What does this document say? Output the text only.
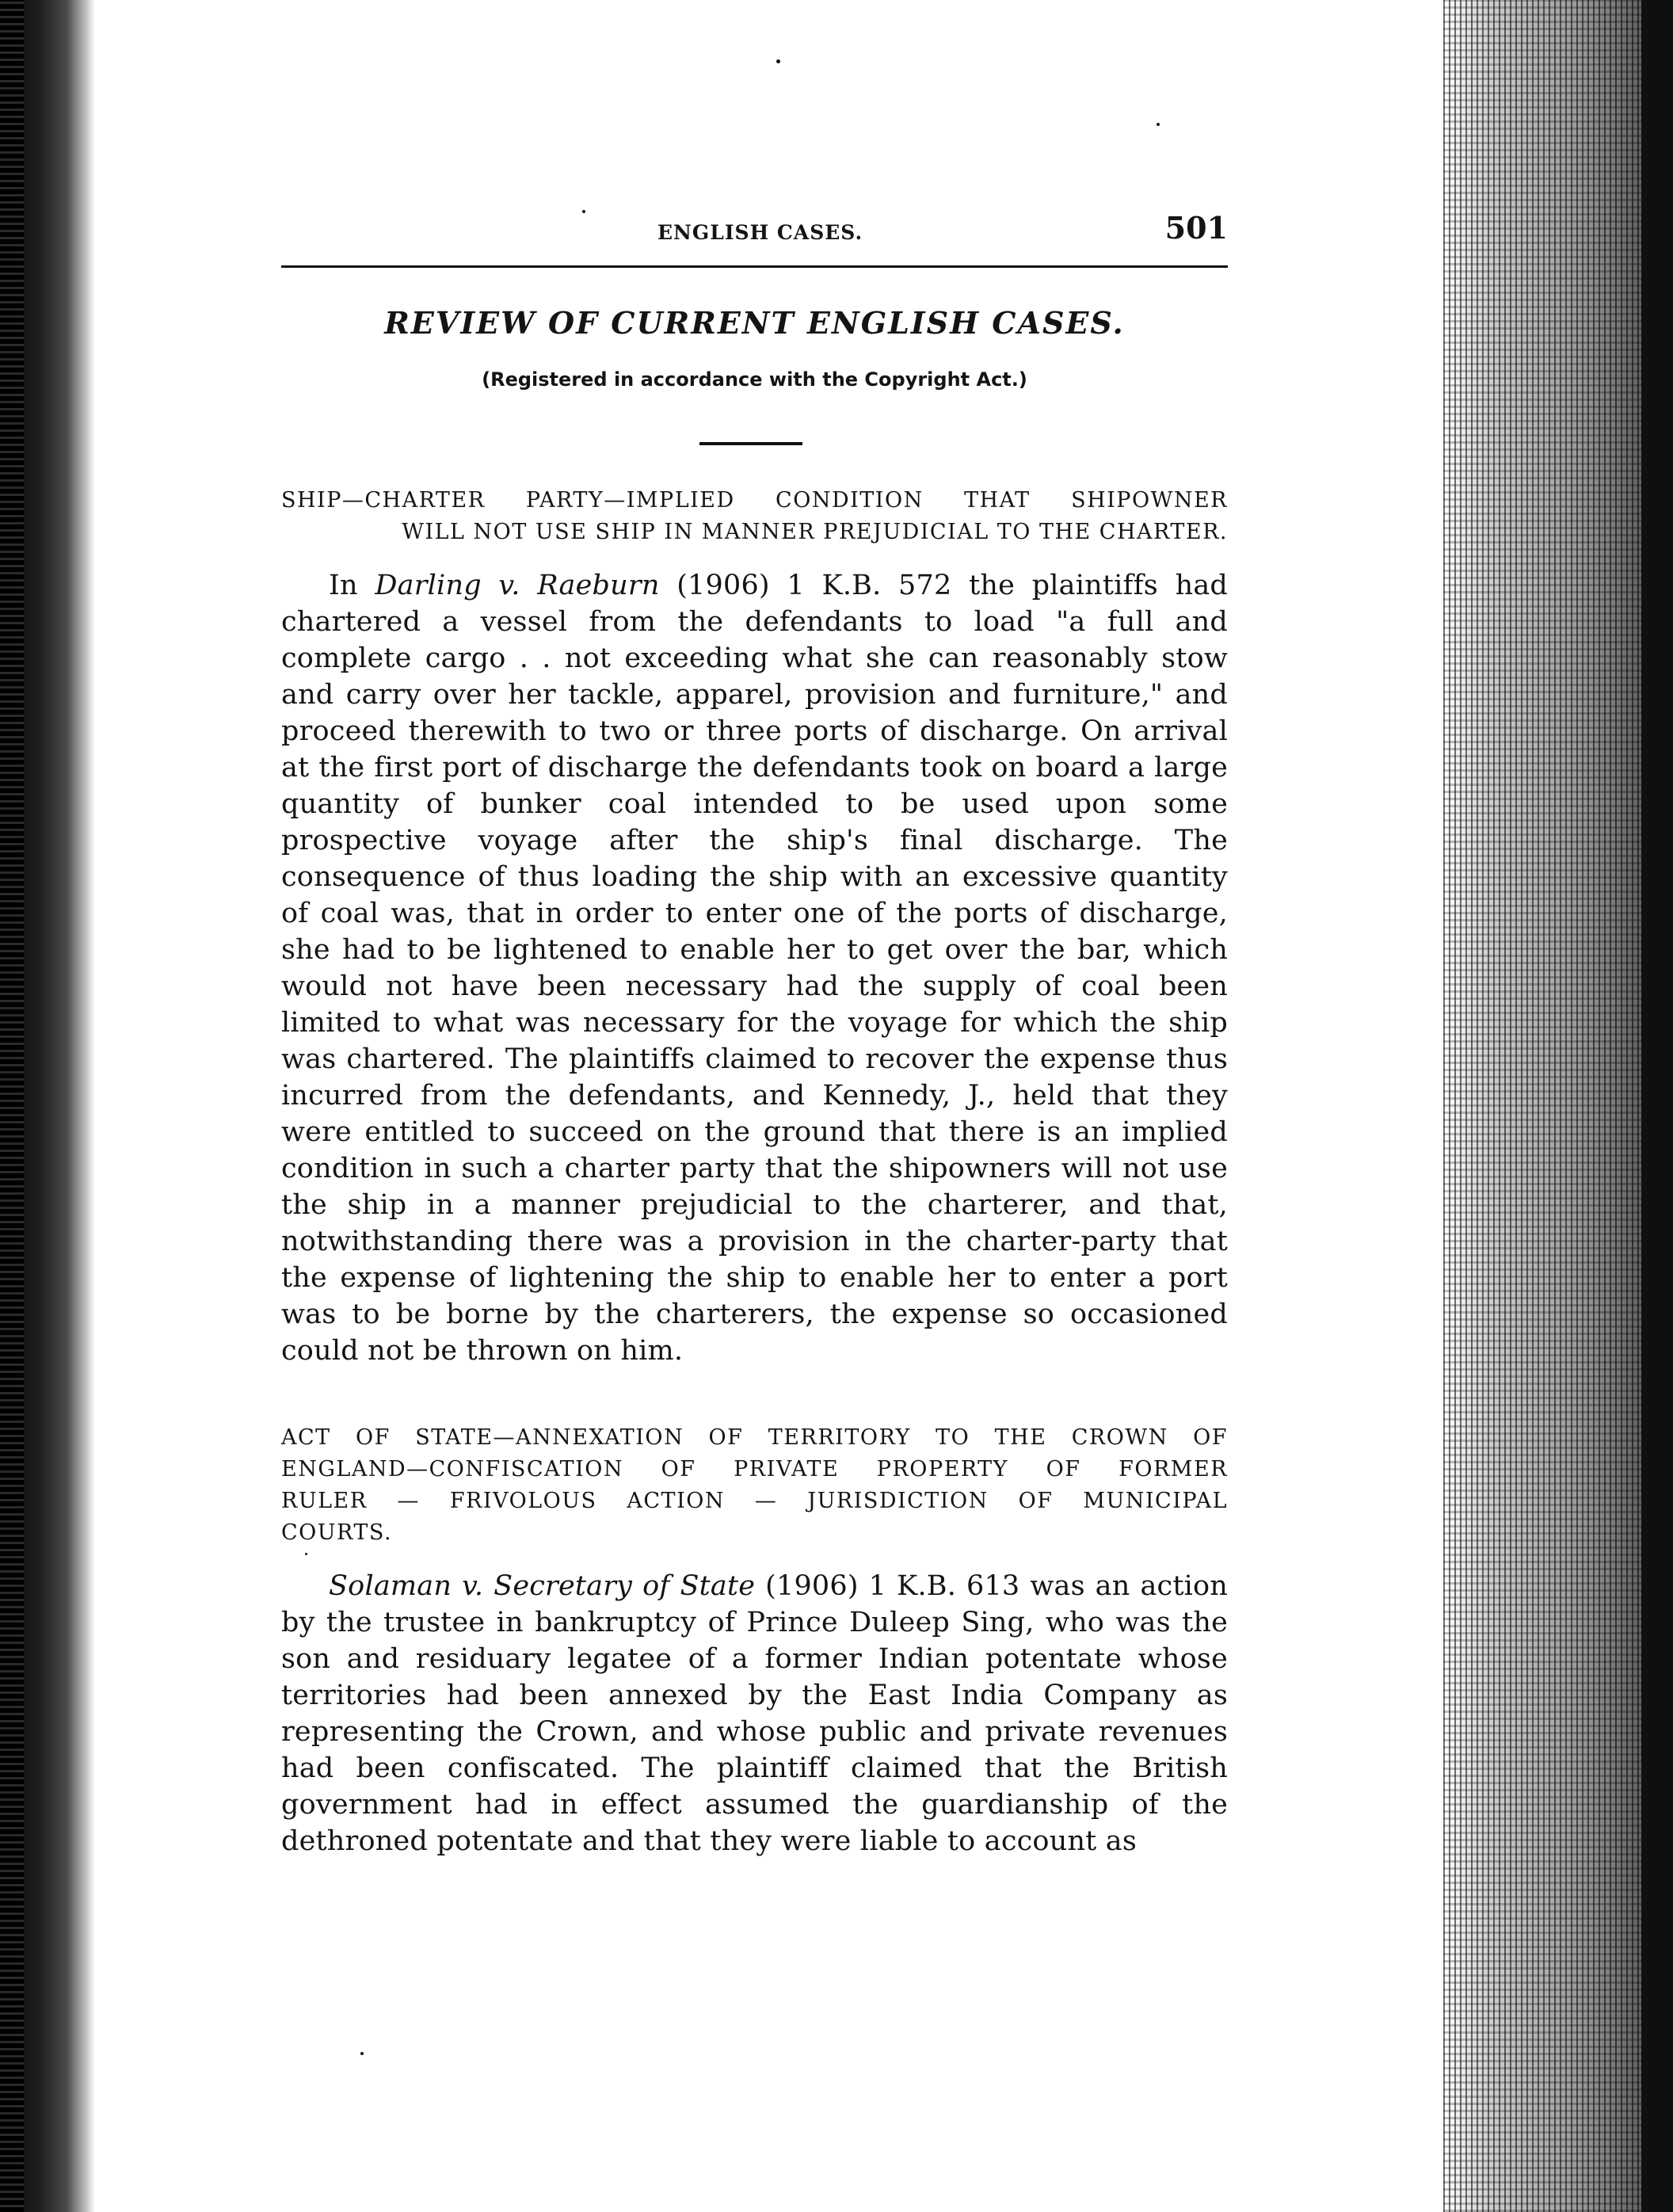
ENGLISH CASES.	501
REVIEW OF CURRENT ENGLISH CASES.
(Registered in accordance with the Copyright Act.)
SHIP—CHARTER PARTY—IMPLIED CONDITION THAT SHIPOWNER
WILL NOT USE SHIP IN MANNER PREJUDICIAL TO THE CHARTER.
In Darling v. Raeburn (1906) 1 K.B. 572 the plaintiffs had chartered a vessel from the defendants to load "a full and complete cargo . . not exceeding what she can reasonably stow and carry over her tackle, apparel, provision and furniture," and proceed therewith to two or three ports of discharge. On arrival at the first port of discharge the defendants took on board a large quantity of bunker coal intended to be used upon some prospective voyage after the ship's final discharge. The consequence of thus loading the ship with an excessive quantity of coal was, that in order to enter one of the ports of discharge, she had to be lightened to enable her to get over the bar, which would not have been necessary had the supply of coal been limited to what was necessary for the voyage for which the ship was chartered. The plaintiffs claimed to recover the expense thus incurred from the defendants, and Kennedy, J., held that they were entitled to succeed on the ground that there is an implied condition in such a charter party that the shipowners will not use the ship in a manner prejudicial to the charterer, and that, notwithstanding there was a provision in the charter-party that the expense of lightening the ship to enable her to enter a port was to be borne by the charterers, the expense so occasioned could not be thrown on him.
ACT OF STATE—ANNEXATION OF TERRITORY TO THE CROWN OF
ENGLAND—CONFISCATION OF PRIVATE PROPERTY OF FORMER
RULER — FRIVOLOUS ACTION — JURISDICTION OF MUNICIPAL
COURTS.
Solaman v. Secretary of State (1906) 1 K.B. 613 was an action by the trustee in bankruptcy of Prince Duleep Sing, who was the son and residuary legatee of a former Indian potentate whose territories had been annexed by the East India Company as representing the Crown, and whose public and private revenues had been confiscated. The plaintiff claimed that the British government had in effect assumed the guardianship of the dethroned potentate and that they were liable to account as
